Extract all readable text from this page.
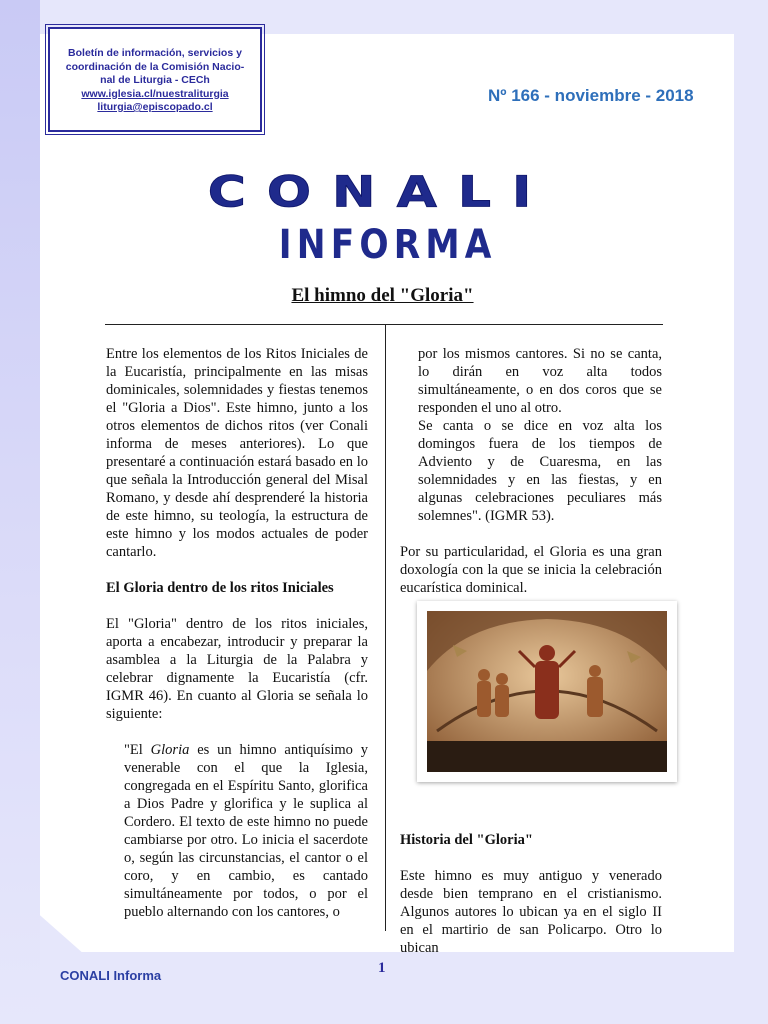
Boletín de información, servicios y
coordinación de la Comisión Nacio-
nal de Liturgia - CECh
www.iglesia.cl/nuestraliturgia
liturgia@episcopado.cl
Nº 166 - noviembre - 2018
CONALI
INFORMA
El himno del "Gloria"

Entre los elementos de los Ritos Iniciales de la Eucaristía, principalmente en las misas dominicales, solemnidades y fiestas tenemos el "Gloria a Dios". Este himno, junto a los otros elementos de dichos ritos (ver Conali informa de meses anteriores). Lo que presentaré a continuación estará basado en lo que señala la Introducción general del Misal Romano, y desde ahí desprenderé la historia de este himno, su teología, la estructura de este himno y los modos actuales de poder cantarlo.

El Gloria dentro de los ritos Iniciales

El "Gloria" dentro de los ritos iniciales, aporta a encabezar, introducir y preparar la asamblea a la Liturgia de la Palabra y celebrar dignamente la Eucaristía (cfr. IGMR 46). En cuanto al Gloria se señala lo siguiente:

"El Gloria es un himno antiquísimo y venerable con el que la Iglesia, congregada en el Espíritu Santo, glorifica a Dios Padre y glorifica y le suplica al Cordero. El texto de este himno no puede cambiarse por otro. Lo inicia el sacerdote o, según las circunstancias, el cantor o el coro, y en cambio, es cantado simultáneamente por todos, o por el pueblo alternando con los cantores, o

por los mismos cantores. Si no se canta, lo dirán en voz alta todos simultáneamente, o en dos coros que se responden el uno al otro.

Se canta o se dice en voz alta los domingos fuera de los tiempos de Adviento y de Cuaresma, en las solemnidades y en las fiestas, y en algunas celebraciones peculiares más solemnes". (IGMR 53).

Por su particularidad, el Gloria es una gran doxología con la que se inicia la celebración eucarística dominical.

Historia del "Gloria"

Este himno es muy antiguo y venerado desde bien temprano en el cristianismo. Algunos autores lo ubican ya en el siglo II en el martirio de san Policarpo. Otro lo ubican

CONALI Informa	1
